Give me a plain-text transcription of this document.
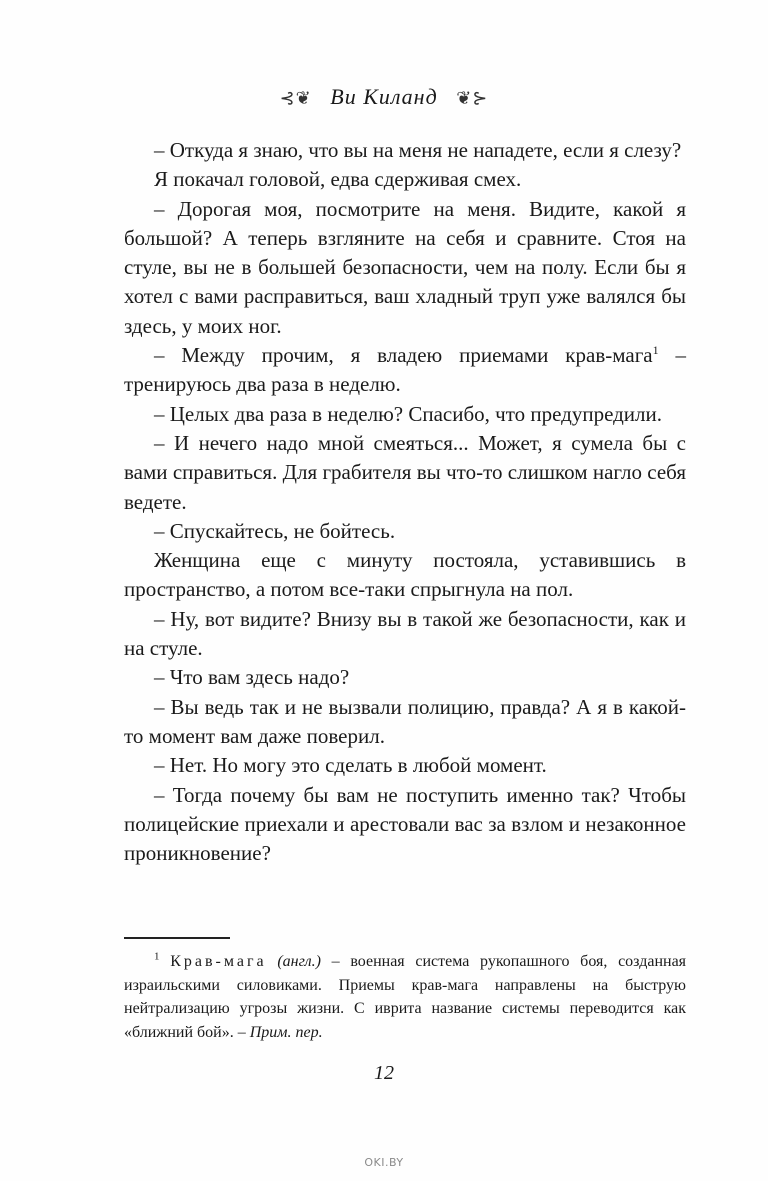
⊰❦ Ви Киланд ❦⊱

– Откуда я знаю, что вы на меня не нападете, если я слезу?

Я покачал головой, едва сдерживая смех.

– Дорогая моя, посмотрите на меня. Видите, какой я большой? А теперь взгляните на себя и сравните. Стоя на стуле, вы не в большей безопасности, чем на полу. Если бы я хотел с вами расправиться, ваш хладный труп уже валялся бы здесь, у моих ног.

– Между прочим, я владею приемами крав-мага$^1$ – тренируюсь два раза в неделю.

– Целых два раза в неделю? Спасибо, что предупредили.

– И нечего надо мной смеяться... Может, я сумела бы с вами справиться. Для грабителя вы что-то слишком нагло себя ведете.

– Спускайтесь, не бойтесь.

Женщина еще с минуту постояла, уставившись в пространство, а потом все-таки спрыгнула на пол.

– Ну, вот видите? Внизу вы в такой же безопасности, как и на стуле.

– Что вам здесь надо?

– Вы ведь так и не вызвали полицию, правда? А я в какой-то момент вам даже поверил.

– Нет. Но могу это сделать в любой момент.

– Тогда почему бы вам не поступить именно так? Чтобы полицейские приехали и арестовали вас за взлом и незаконное проникновение?

$^1$ Крав-мага (англ.) – военная система рукопашного боя, созданная израильскими силовиками. Приемы крав-мага направлены на быструю нейтрализацию угрозы жизни. С иврита название системы переводится как «ближний бой». – Прим. пер.

12
OKI.BY
